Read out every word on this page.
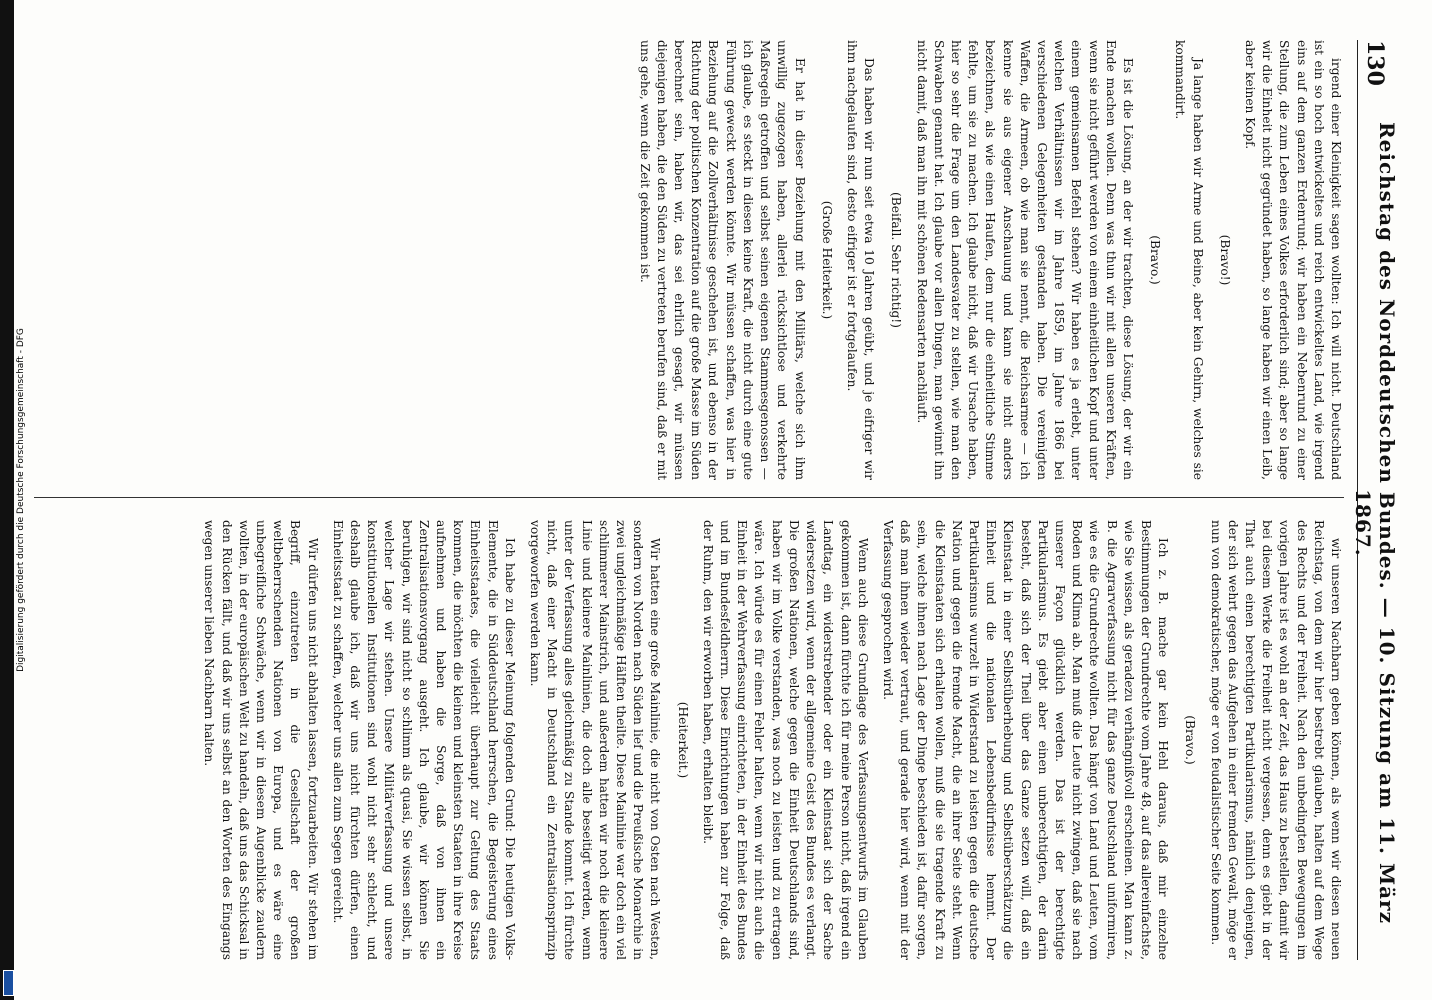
Digitalisierung gefördert durch die Deutsche Forschungsgemeinschaft - DFG
130
Reichstag des Norddeutschen Bundes. — 10. Sitzung am 11. März 1867.

irgend einer Kleinigkeit sagen wollten: Ich will nicht. Deutschland ist ein so hoch entwickeltes und reich entwickeltes Land, wie irgend eins auf dem ganzen Erdenrund; wir haben ein Nebenrund zu einer Stellung, die zum Leben eines Volkes erforderlich sind; aber so lange wir die Einheit nicht gegründet haben, so lange haben wir einen Leib, aber keinen Kopf.

(Bravo!)

Ja lange haben wir Arme und Beine, aber kein Gehirn, welches sie kommandirt.

(Bravo.)

Es ist die Lösung, an der wir trachten, diese Lösung, der wir ein Ende machen wollen. Denn was thun wir mit allen unseren Kräften, wenn sie nicht geführt werden von einem einheitlichen Kopf und unter einem gemeinsamen Befehl stehen? Wir haben es ja erlebt, unter welchen Verhältnissen wir im Jahre 1859, im Jahre 1866 bei verschiedenen Gelegenheiten gestanden haben. Die vereinigten Waffen, die Armeen, ob wie man sie nennt, die Reichsarmee — ich kenne sie aus eigener Anschauung und kann sie nicht anders bezeichnen, als wie einen Haufen, dem nur die einheitliche Stimme fehlte, um sie zu machen. Ich glaube nicht, daß wir Ursache haben, hier so sehr die Frage um den Landesvater zu stellen, wie man den Schwaben genannt hat. Ich glaube vor allen Dingen, man gewinnt ihn nicht damit, daß man ihn mit schönen Redensarten nachläuft.

(Beifall. Sehr richtig!)

Das haben wir nun seit etwa 10 Jahren geübt, und je eifriger wir ihm nachgelaufen sind, desto eifriger ist er fortgelaufen.

(Große Heiterkeit.)

Er hat in dieser Beziehung mit den Militärs, welche sich ihm unwillig zugezogen haben, allerlei rücksichtlose und verkehrte Maßregeln getroffen und selbst seinen eigenen Stammesgenossen — ich glaube, es steckt in diesen keine Kraft, die nicht durch eine gute Führung geweckt werden könnte. Wir müssen schaffen, was hier in Beziehung auf die Zollverhältnisse geschehen ist, und ebenso in der Richtung der politischen Konzentration auf die große Masse im Süden berechnet sein, haben wir, das sei ehrlich gesagt, wir müssen diejenigen haben, die den Süden zu vertreten berufen sind, daß er mit uns gehe, wenn die Zeit gekommen ist.

wir unseren Nachbarn geben können, als wenn wir diesen neuen Reichstag, von dem wir hier bestrebt glauben, halten auf dem Wege des Rechts und der Freiheit. Nach den unbedingten Bewegungen im vorigen Jahre ist es wohl an der Zeit, das Haus zu bestellen, damit wir bei diesem Werke die Freiheit nicht vergessen, denn es giebt in der That auch einen berechtigten Partikularismus, nämlich denjenigen, der sich wehrt gegen das Aufgehen in einer fremden Gewalt, möge er nun von demokratischer, möge er von feudalistischer Seite kommen.

(Bravo.)

Ich z. B. mache gar kein Hehl daraus, daß mir einzelne Bestimmungen der Grundrechte vom Jahre 48, auf das allereinfachste, wie Sie wissen, als geradezu verhängnißvoll erscheinen. Man kann z. B. die Agrarverfassung nicht für das ganze Deutschland uniformiren, wie es die Grundrechte wollten. Das hängt von Land und Leuten, vom Boden und Klima ab. Man muß die Leute nicht zwingen, daß sie nach unserer Façon glücklich werden. Das ist der berechtigte Partikularismus. Es giebt aber einen unberechtigten, der darin besteht, daß sich der Theil über das Ganze setzen will, daß ein Kleinstaat in einer Selbstüberhebung und Selbstüberschätzung die Einheit und die nationalen Lebensbedürfnisse hemmt. Der Partikularismus wurzelt in Widerstand zu leisten gegen die deutsche Nation und gegen die fremde Macht, die an ihrer Seite steht. Wenn die Kleinstaaten sich erhalten wollen, muß die sie tragende Kraft zu sein, welche ihnen nach Lage der Dinge beschieden ist, dafür sorgen, daß man ihnen wieder vertraut, und gerade hier wird, wenn mit der Verfassung gesprochen wird.

Wenn auch diese Grundlage des Verfassungsentwurfs im Glauben gekommen ist, dann fürchte ich für meine Person nicht, daß irgend ein Landtag, ein widerstrebender oder ein Kleinstaat sich der Sache widersetzen wird, wenn der allgemeine Geist des Bundes es verlangt. Die großen Nationen, welche gegen die Einheit Deutschlands sind, haben wir im Volke verstanden, was noch zu leisten und zu ertragen wäre. Ich würde es für einen Fehler halten, wenn wir nicht auch die Einheit in der Wehrverfassung einrichteten, in der Einheit des Bundes und im Bundesfeldherrn. Diese Einrichtungen haben zur Folge, daß der Ruhm, den wir erworben haben, erhalten bleibt.

(Heiterkeit.)

Wir hatten eine große Mainlinie, die nicht von Osten nach Westen, sondern von Norden nach Süden lief und die Preußische Monarchie in zwei ungleichmäßige Hälften theilte. Diese Mainlinie war doch ein viel schlimmerer Mainstrich, und außerdem hatten wir noch die kleinere Linie und kleinere Mainlinien, die doch alle beseitigt werden, wenn unter der Verfassung alles gleichmäßig zu Stande kommt. Ich fürchte nicht, daß einer Macht in Deutschland ein Zentralisationsprinzip vorgeworfen werden kann.

Ich habe zu dieser Meinung folgenden Grund: Die heutigen Volks-Elemente, die in Süddeutschland herrschen, die Begeisterung eines Einheitsstaates, die vielleicht überhaupt zur Geltung des Staats kommen, die möchten die kleinen und kleinsten Staaten in ihre Kreise aufnehmen und haben die Sorge, daß von ihnen ein Zentralisationsvorgang ausgeht. Ich glaube, wir können Sie beruhigen, wir sind nicht so schlimm als quasi, Sie wissen selbst, in welcher Lage wir stehen. Unsere Militärverfassung und unsere konstitutionellen Institutionen sind wohl nicht sehr schlecht, und deshalb glaube ich, daß wir uns nicht fürchten dürfen, einen Einheitsstaat zu schaffen, welcher uns allen zum Segen gereicht.

Wir dürfen uns nicht abhalten lassen, fortzuarbeiten. Wir stehen im Begriff, einzutreten in die Gesellschaft der großen weltbeherrschenden Nationen von Europa, und es wäre eine unbegreifliche Schwäche, wenn wir in diesem Augenblicke zaudern wollten, in der europäischen Welt zu handeln, daß uns das Schicksal in den Rücken fällt, und daß wir uns selbst an den Worten des Eingangs wegen unserer lieben Nachbarn halten.
